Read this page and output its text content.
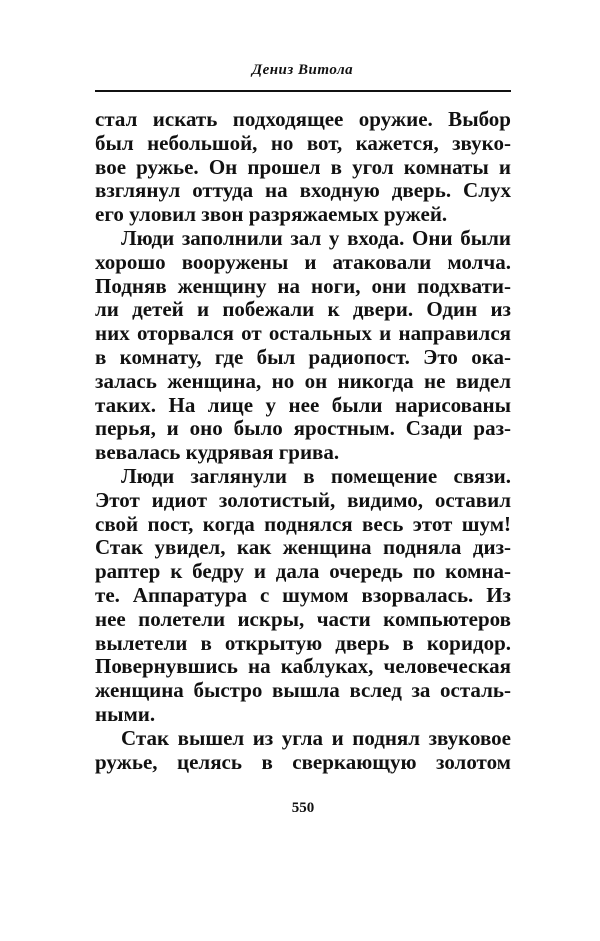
Дениз Витола
стал искать подходящее оружие. Выбор
был небольшой, но вот, кажется, звуко-
вое ружье. Он прошел в угол комнаты и
взглянул оттуда на входную дверь. Слух
его уловил звон разряжаемых ружей.
Люди заполнили зал у входа. Они были
хорошо вооружены и атаковали молча.
Подняв женщину на ноги, они подхвати-
ли детей и побежали к двери. Один из
них оторвался от остальных и направился
в комнату, где был радиопост. Это ока-
залась женщина, но он никогда не видел
таких. На лице у нее были нарисованы
перья, и оно было яростным. Сзади раз-
вевалась кудрявая грива.
Люди заглянули в помещение связи.
Этот идиот золотистый, видимо, оставил
свой пост, когда поднялся весь этот шум!
Стак увидел, как женщина подняла диз-
раптер к бедру и дала очередь по комна-
те. Аппаратура с шумом взорвалась. Из
нее полетели искры, части компьютеров
вылетели в открытую дверь в коридор.
Повернувшись на каблуках, человеческая
женщина быстро вышла вслед за осталь-
ными.
Стак вышел из угла и поднял звуковое
ружье, целясь в сверкающую золотом
550
